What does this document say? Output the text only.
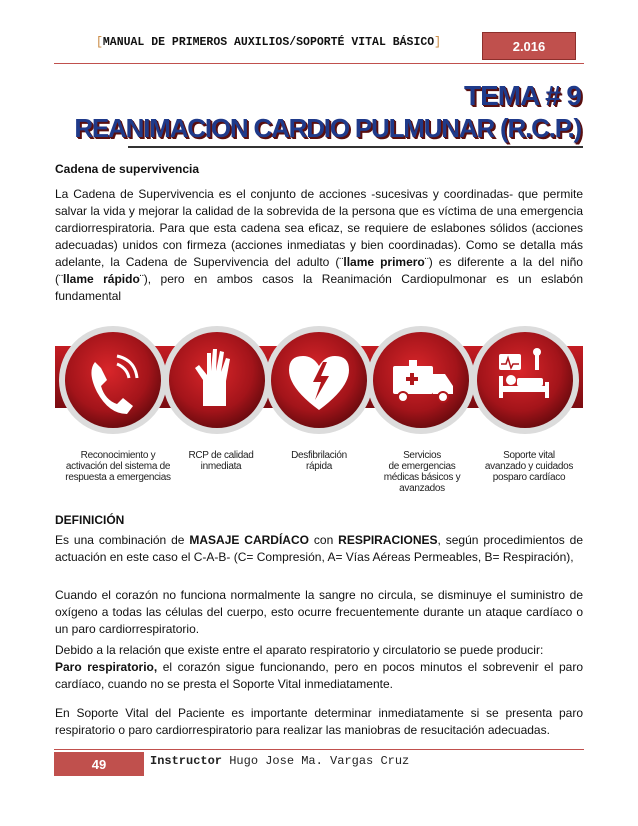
[MANUAL DE PRIMEROS AUXILIOS/SOPORTÉ VITAL BÁSICO]	2.016
TEMA # 9
REANIMACION CARDIO PULMUNAR (R.C.P.)
Cadena de supervivencia
La Cadena de Supervivencia es el conjunto de acciones -sucesivas y coordinadas- que permite salvar la vida y mejorar la calidad de la sobrevida de la persona que es víctima de una emergencia cardiorrespiratoria. Para que esta cadena sea eficaz, se requiere de eslabones sólidos (acciones adecuadas) unidos con firmeza (acciones inmediatas y bien coordinadas). Como se detalla más adelante, la Cadena de Supervivencia del adulto (¨llame primero¨) es diferente a la del niño (¨llame rápido¨), pero en ambos casos la Reanimación Cardiopulmonar es un eslabón fundamental
Reconocimiento y
activación del sistema de
respuesta a emergencias
RCP de calidad
inmediata
Desfibrilación
rápida
Servicios
de emergencias
médicas básicos y
avanzados
Soporte vital
avanzado y cuidados
posparo cardíaco
DEFINICIÓN
Es una combinación de MASAJE CARDÍACO con RESPIRACIONES, según procedimientos de actuación en este caso el C-A-B- (C= Compresión, A= Vías Aéreas Permeables, B= Respiración),
Cuando el corazón no funciona normalmente la sangre no circula, se disminuye el suministro de oxígeno a todas las células del cuerpo, esto ocurre frecuentemente durante un ataque cardíaco o un paro cardiorrespiratorio.
Debido a la relación que existe entre el aparato respiratorio y circulatorio se puede producir:
Paro respiratorio, el corazón sigue funcionando, pero en pocos minutos el sobrevenir el paro cardíaco, cuando no se presta el Soporte Vital inmediatamente.
En Soporte Vital del Paciente es importante determinar inmediatamente si se presenta paro respiratorio o paro cardiorrespiratorio para realizar las maniobras de resucitación adecuadas.
49	Instructor Hugo Jose Ma. Vargas Cruz
